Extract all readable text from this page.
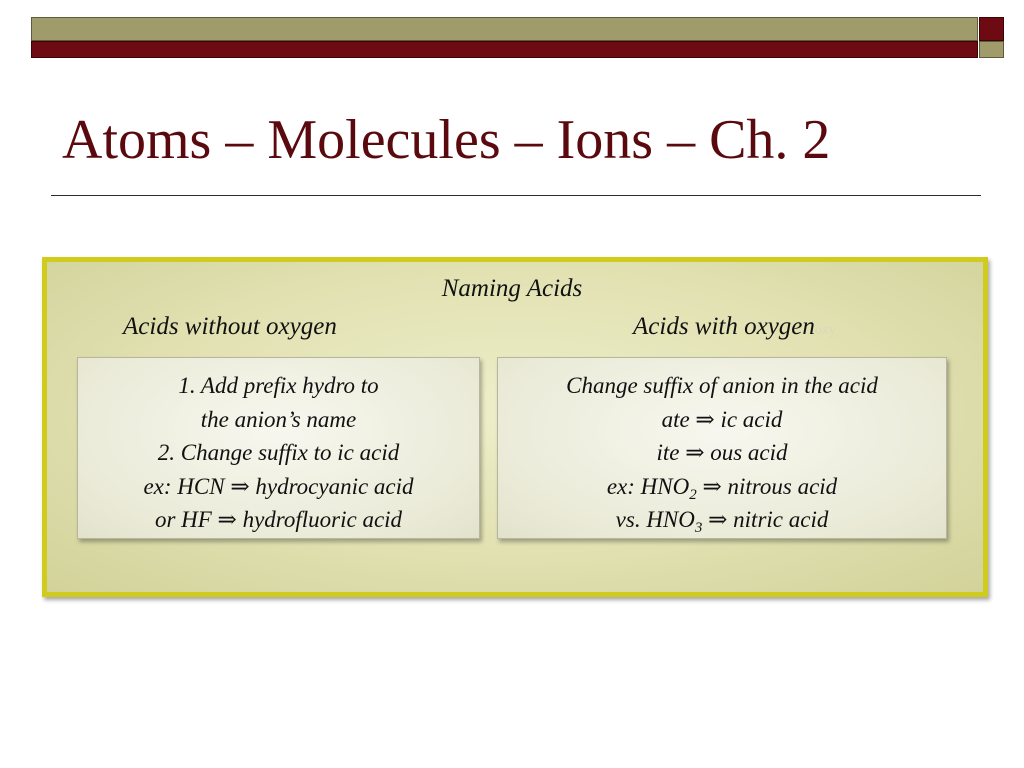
Atoms – Molecules – Ions – Ch. 2
Naming Acids
Acids without oxygen	Acids with oxygenoxy
1. Add prefix hydro to
the anion’s name
2. Change suffix to ic acid
ex: HCN ⇒ hydrocyanic acid
or HF ⇒ hydrofluoric acid
Change suffix of anion in the acid
ate ⇒ ic acid
ite ⇒ ous acid
ex: $HNO_2$ ⇒ nitrous acid
vs. $HNO_3$ ⇒ nitric acid
